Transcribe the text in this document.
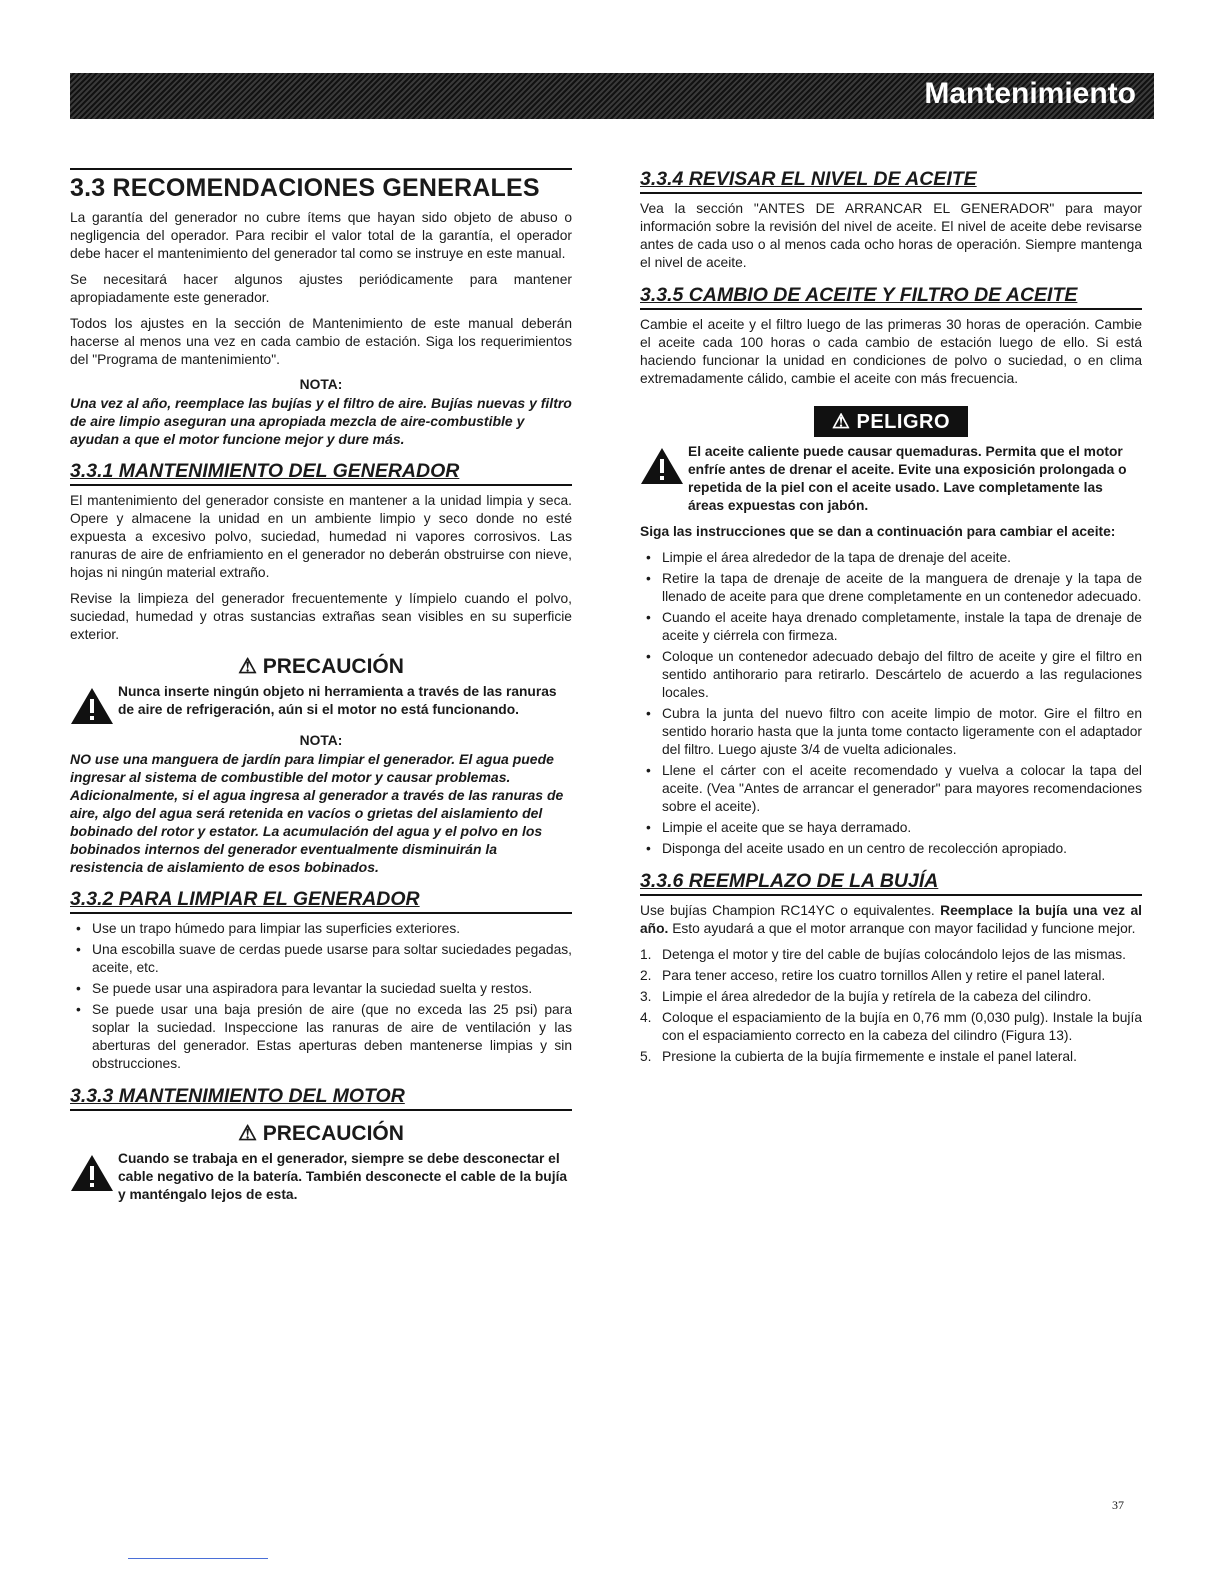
Mantenimiento
3.3 RECOMENDACIONES GENERALES

La garantía del generador no cubre ítems que hayan sido objeto de abuso o negligencia del operador. Para recibir el valor total de la garantía, el operador debe hacer el mantenimiento del generador tal como se instruye en este manual.

Se necesitará hacer algunos ajustes periódicamente para mantener apropiadamente este generador.

Todos los ajustes en la sección de Mantenimiento de este manual deberán hacerse al menos una vez en cada cambio de estación. Siga los requerimientos del "Programa de mantenimiento".

NOTA:
Una vez al año, reemplace las bujías y el filtro de aire. Bujías nuevas y filtro de aire limpio aseguran una apropiada mezcla de aire-combustible y ayudan a que el motor funcione mejor y dure más.
3.3.1 MANTENIMIENTO DEL GENERADOR

El mantenimiento del generador consiste en mantener a la unidad limpia y seca. Opere y almacene la unidad en un ambiente limpio y seco donde no esté expuesta a excesivo polvo, suciedad, humedad ni vapores corrosivos. Las ranuras de aire de enfriamiento en el generador no deberán obstruirse con nieve, hojas ni ningún material extraño.

Revise la limpieza del generador frecuentemente y límpielo cuando el polvo, suciedad, humedad y otras sustancias extrañas sean visibles en su superficie exterior.

⚠ PRECAUCIÓN
Nunca inserte ningún objeto ni herramienta a través de las ranuras de aire de refrigeración, aún si el motor no está funcionando.
NOTA:
NO use una manguera de jardín para limpiar el generador. El agua puede ingresar al sistema de combustible del motor y causar problemas. Adicionalmente, si el agua ingresa al generador a través de las ranuras de aire, algo del agua será retenida en vacíos o grietas del aislamiento del bobinado del rotor y estator. La acumulación del agua y el polvo en los bobinados internos del generador eventualmente disminuirán la resistencia de aislamiento de esos bobinados.
3.3.2 PARA LIMPIAR EL GENERADOR
• Use un trapo húmedo para limpiar las superficies exteriores.
• Una escobilla suave de cerdas puede usarse para soltar suciedades pegadas, aceite, etc.
• Se puede usar una aspiradora para levantar la suciedad suelta y restos.
• Se puede usar una baja presión de aire (que no exceda las 25 psi) para soplar la suciedad. Inspeccione las ranuras de aire de ventilación y las aberturas del generador. Estas aperturas deben mantenerse limpias y sin obstrucciones.
3.3.3 MANTENIMIENTO DEL MOTOR
⚠ PRECAUCIÓN
Cuando se trabaja en el generador, siempre se debe desconectar el cable negativo de la batería. También desconecte el cable de la bujía y manténgalo lejos de esta.
3.3.4 REVISAR EL NIVEL DE ACEITE

Vea la sección "ANTES DE ARRANCAR EL GENERADOR" para mayor información sobre la revisión del nivel de aceite. El nivel de aceite debe revisarse antes de cada uso o al menos cada ocho horas de operación. Siempre mantenga el nivel de aceite.

3.3.5 CAMBIO DE ACEITE Y FILTRO DE ACEITE

Cambie el aceite y el filtro luego de las primeras 30 horas de operación. Cambie el aceite cada 100 horas o cada cambio de estación luego de ello. Si está haciendo funcionar la unidad en condiciones de polvo o suciedad, o en clima extremadamente cálido, cambie el aceite con más frecuencia.

⚠ PELIGRO
El aceite caliente puede causar quemaduras. Permita que el motor enfríe antes de drenar el aceite. Evite una exposición prolongada o repetida de la piel con el aceite usado. Lave completamente las áreas expuestas con jabón.
Siga las instrucciones que se dan a continuación para cambiar el aceite:
• Limpie el área alrededor de la tapa de drenaje del aceite.
• Retire la tapa de drenaje de aceite de la manguera de drenaje y la tapa de llenado de aceite para que drene completamente en un contenedor adecuado.
• Cuando el aceite haya drenado completamente, instale la tapa de drenaje de aceite y ciérrela con firmeza.
• Coloque un contenedor adecuado debajo del filtro de aceite y gire el filtro en sentido antihorario para retirarlo. Descártelo de acuerdo a las regulaciones locales.
• Cubra la junta del nuevo filtro con aceite limpio de motor. Gire el filtro en sentido horario hasta que la junta tome contacto ligeramente con el adaptador del filtro. Luego ajuste 3/4 de vuelta adicionales.
• Llene el cárter con el aceite recomendado y vuelva a colocar la tapa del aceite. (Vea "Antes de arrancar el generador" para mayores recomendaciones sobre el aceite).
• Limpie el aceite que se haya derramado.
• Disponga del aceite usado en un centro de recolección apropiado.
3.3.6 REEMPLAZO DE LA BUJÍA

Use bujías Champion RC14YC o equivalentes. Reemplace la bujía una vez al año. Esto ayudará a que el motor arranque con mayor facilidad y funcione mejor.

1. Detenga el motor y tire del cable de bujías colocándolo lejos de las mismas.
2. Para tener acceso, retire los cuatro tornillos Allen y retire el panel lateral.
3. Limpie el área alrededor de la bujía y retírela de la cabeza del cilindro.
4. Coloque el espaciamiento de la bujía en 0,76 mm (0,030 pulg). Instale la bujía con el espaciamiento correcto en la cabeza del cilindro (Figura 13).
5. Presione la cubierta de la bujía firmemente e instale el panel lateral.
37
